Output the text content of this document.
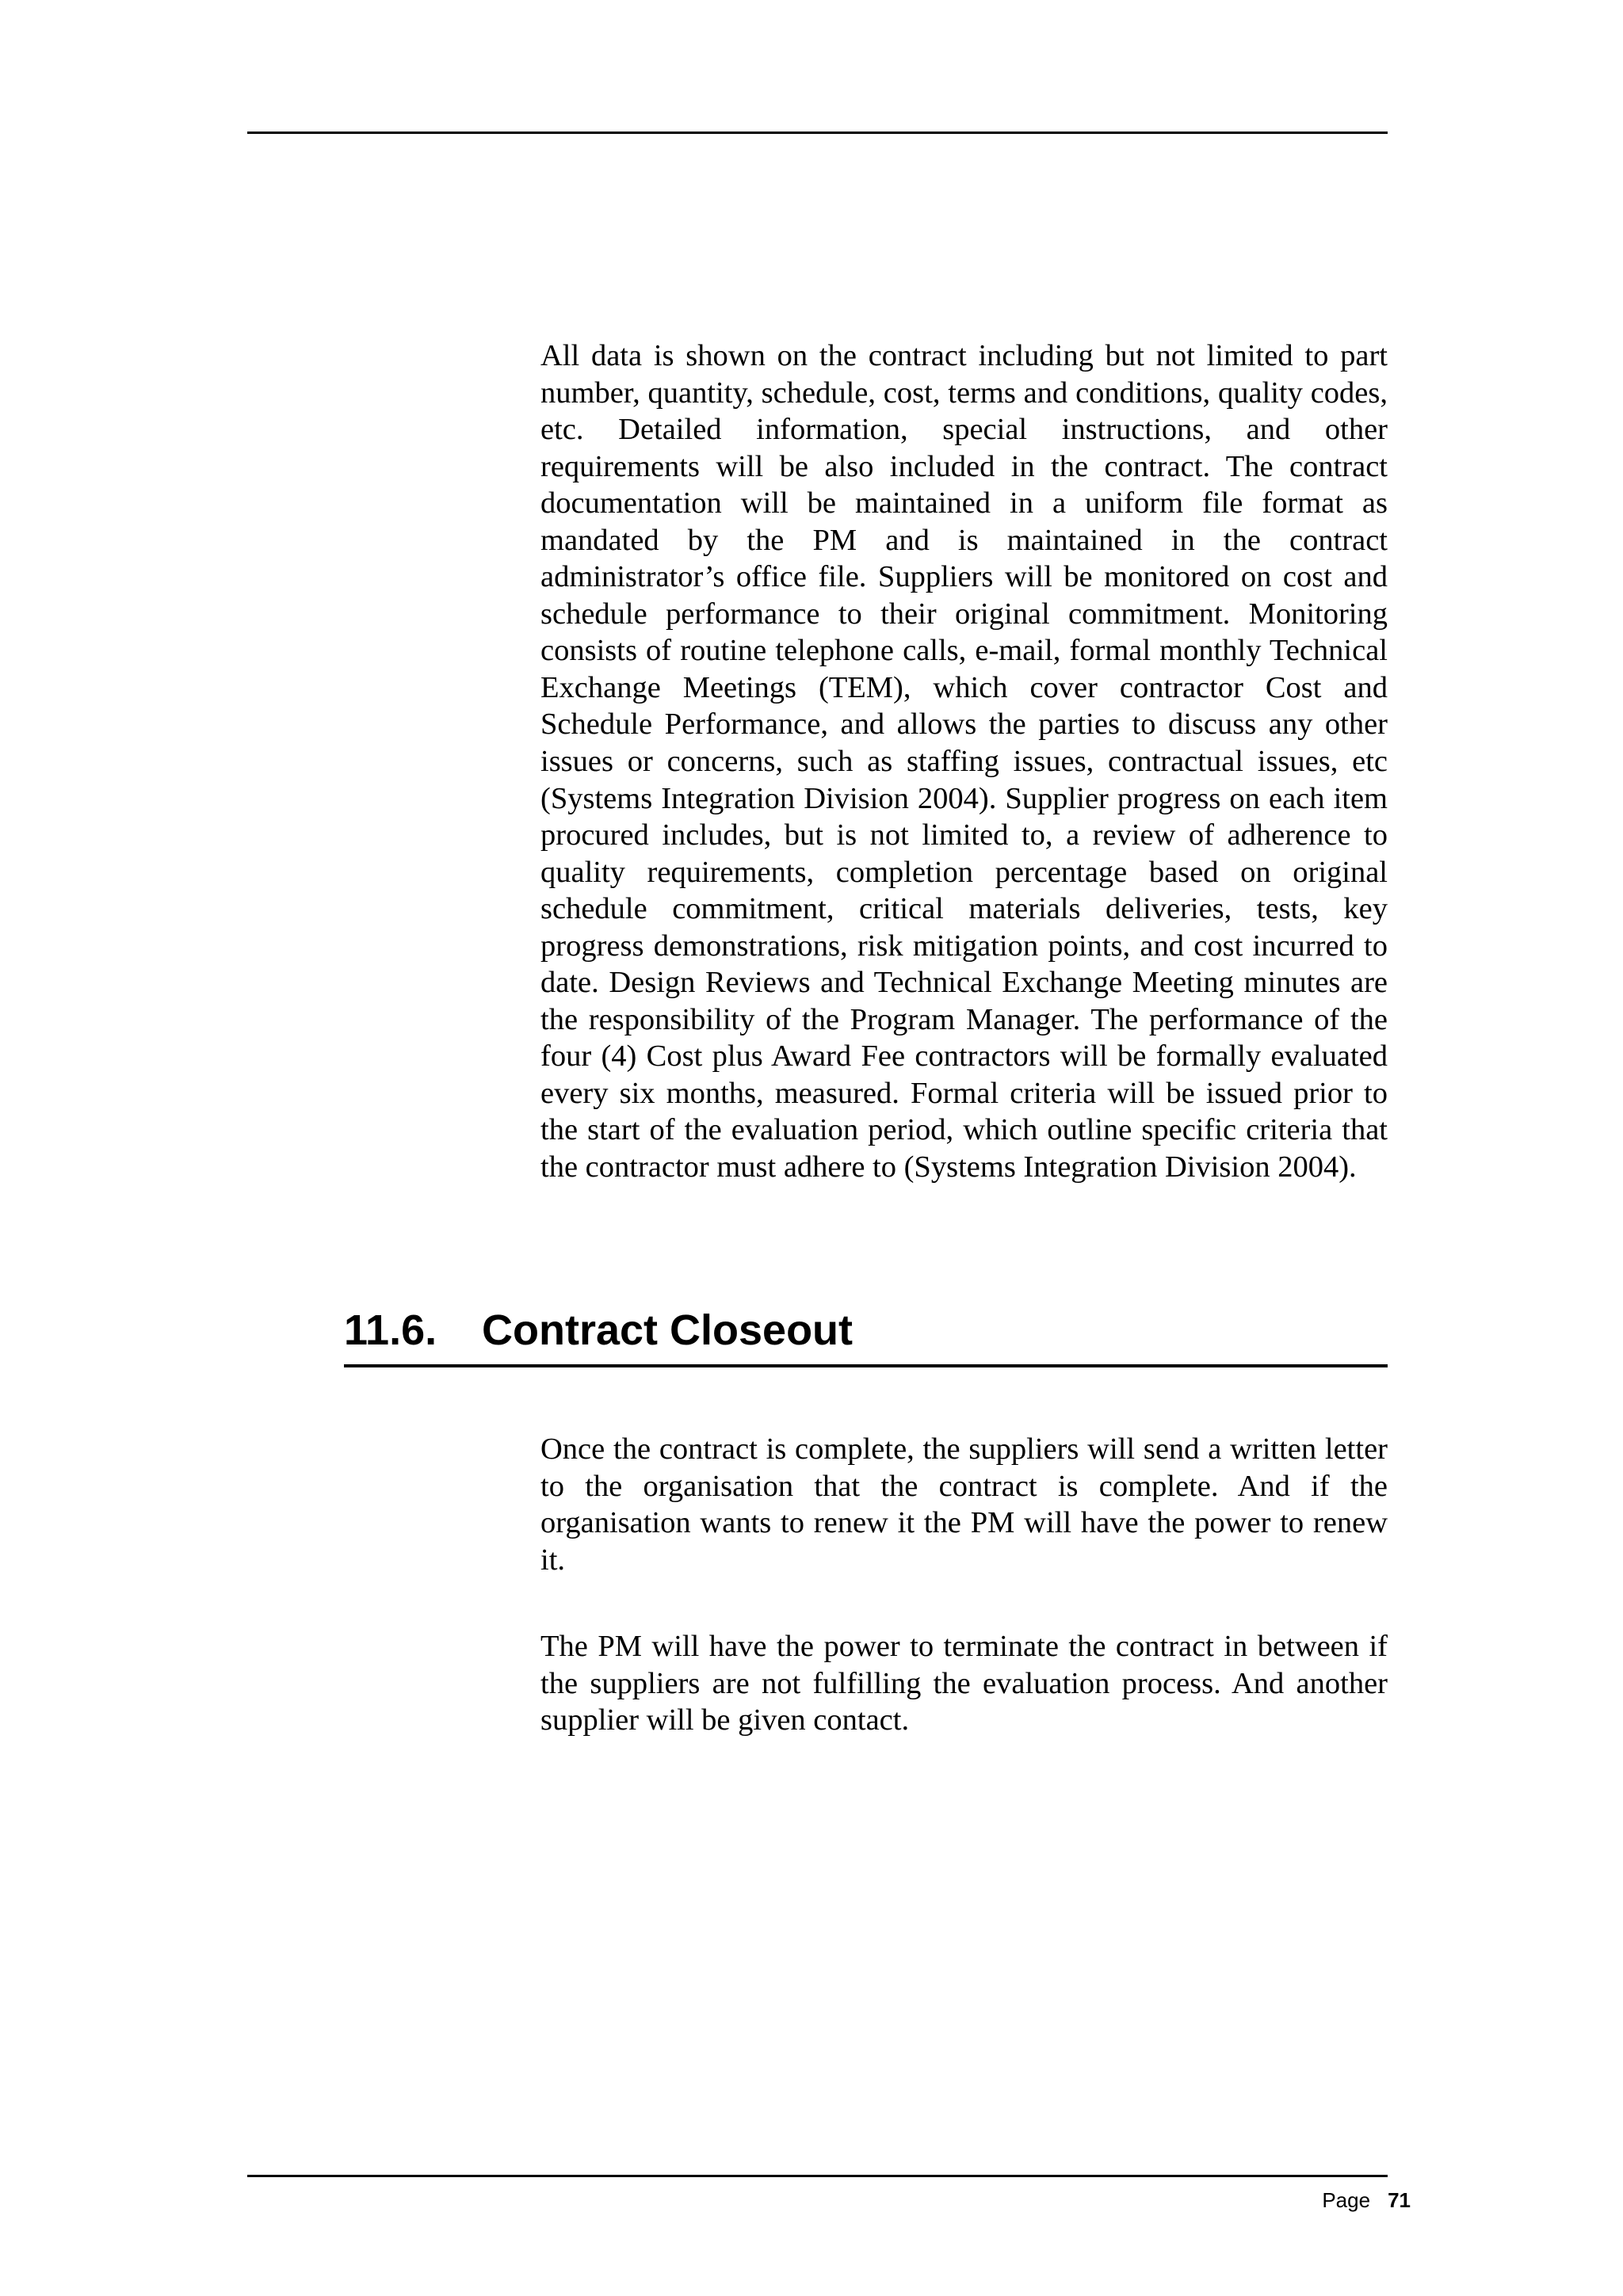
All data is shown on the contract including but not limited to part number, quantity, schedule, cost, terms and conditions, quality codes, etc. Detailed information, special instructions, and other requirements will be also included in the contract. The contract documentation will be maintained in a uniform file format as mandated by the PM and is maintained in the contract administrator’s office file. Suppliers will be monitored on cost and schedule performance to their original commitment. Monitoring consists of routine telephone calls, e-mail, formal monthly Technical Exchange Meetings (TEM), which cover contractor Cost and Schedule Performance, and allows the parties to discuss any other issues or concerns, such as staffing issues, contractual issues, etc (Systems Integration Division 2004). Supplier progress on each item procured includes, but is not limited to, a review of adherence to quality requirements, completion percentage based on original schedule commitment, critical materials deliveries, tests, key progress demonstrations, risk mitigation points, and cost incurred to date. Design Reviews and Technical Exchange Meeting minutes are the responsibility of the Program Manager. The performance of the four (4) Cost plus Award Fee contractors will be formally evaluated every six months, measured. Formal criteria will be issued prior to the start of the evaluation period, which outline specific criteria that the contractor must adhere to (Systems Integration Division 2004).

11.6. Contract Closeout

Once the contract is complete, the suppliers will send a written letter to the organisation that the contract is complete. And if the organisation wants to renew it the PM will have the power to renew it.

The PM will have the power to terminate the contract in between if the suppliers are not fulfilling the evaluation process. And another supplier will be given contact.

Page 71
